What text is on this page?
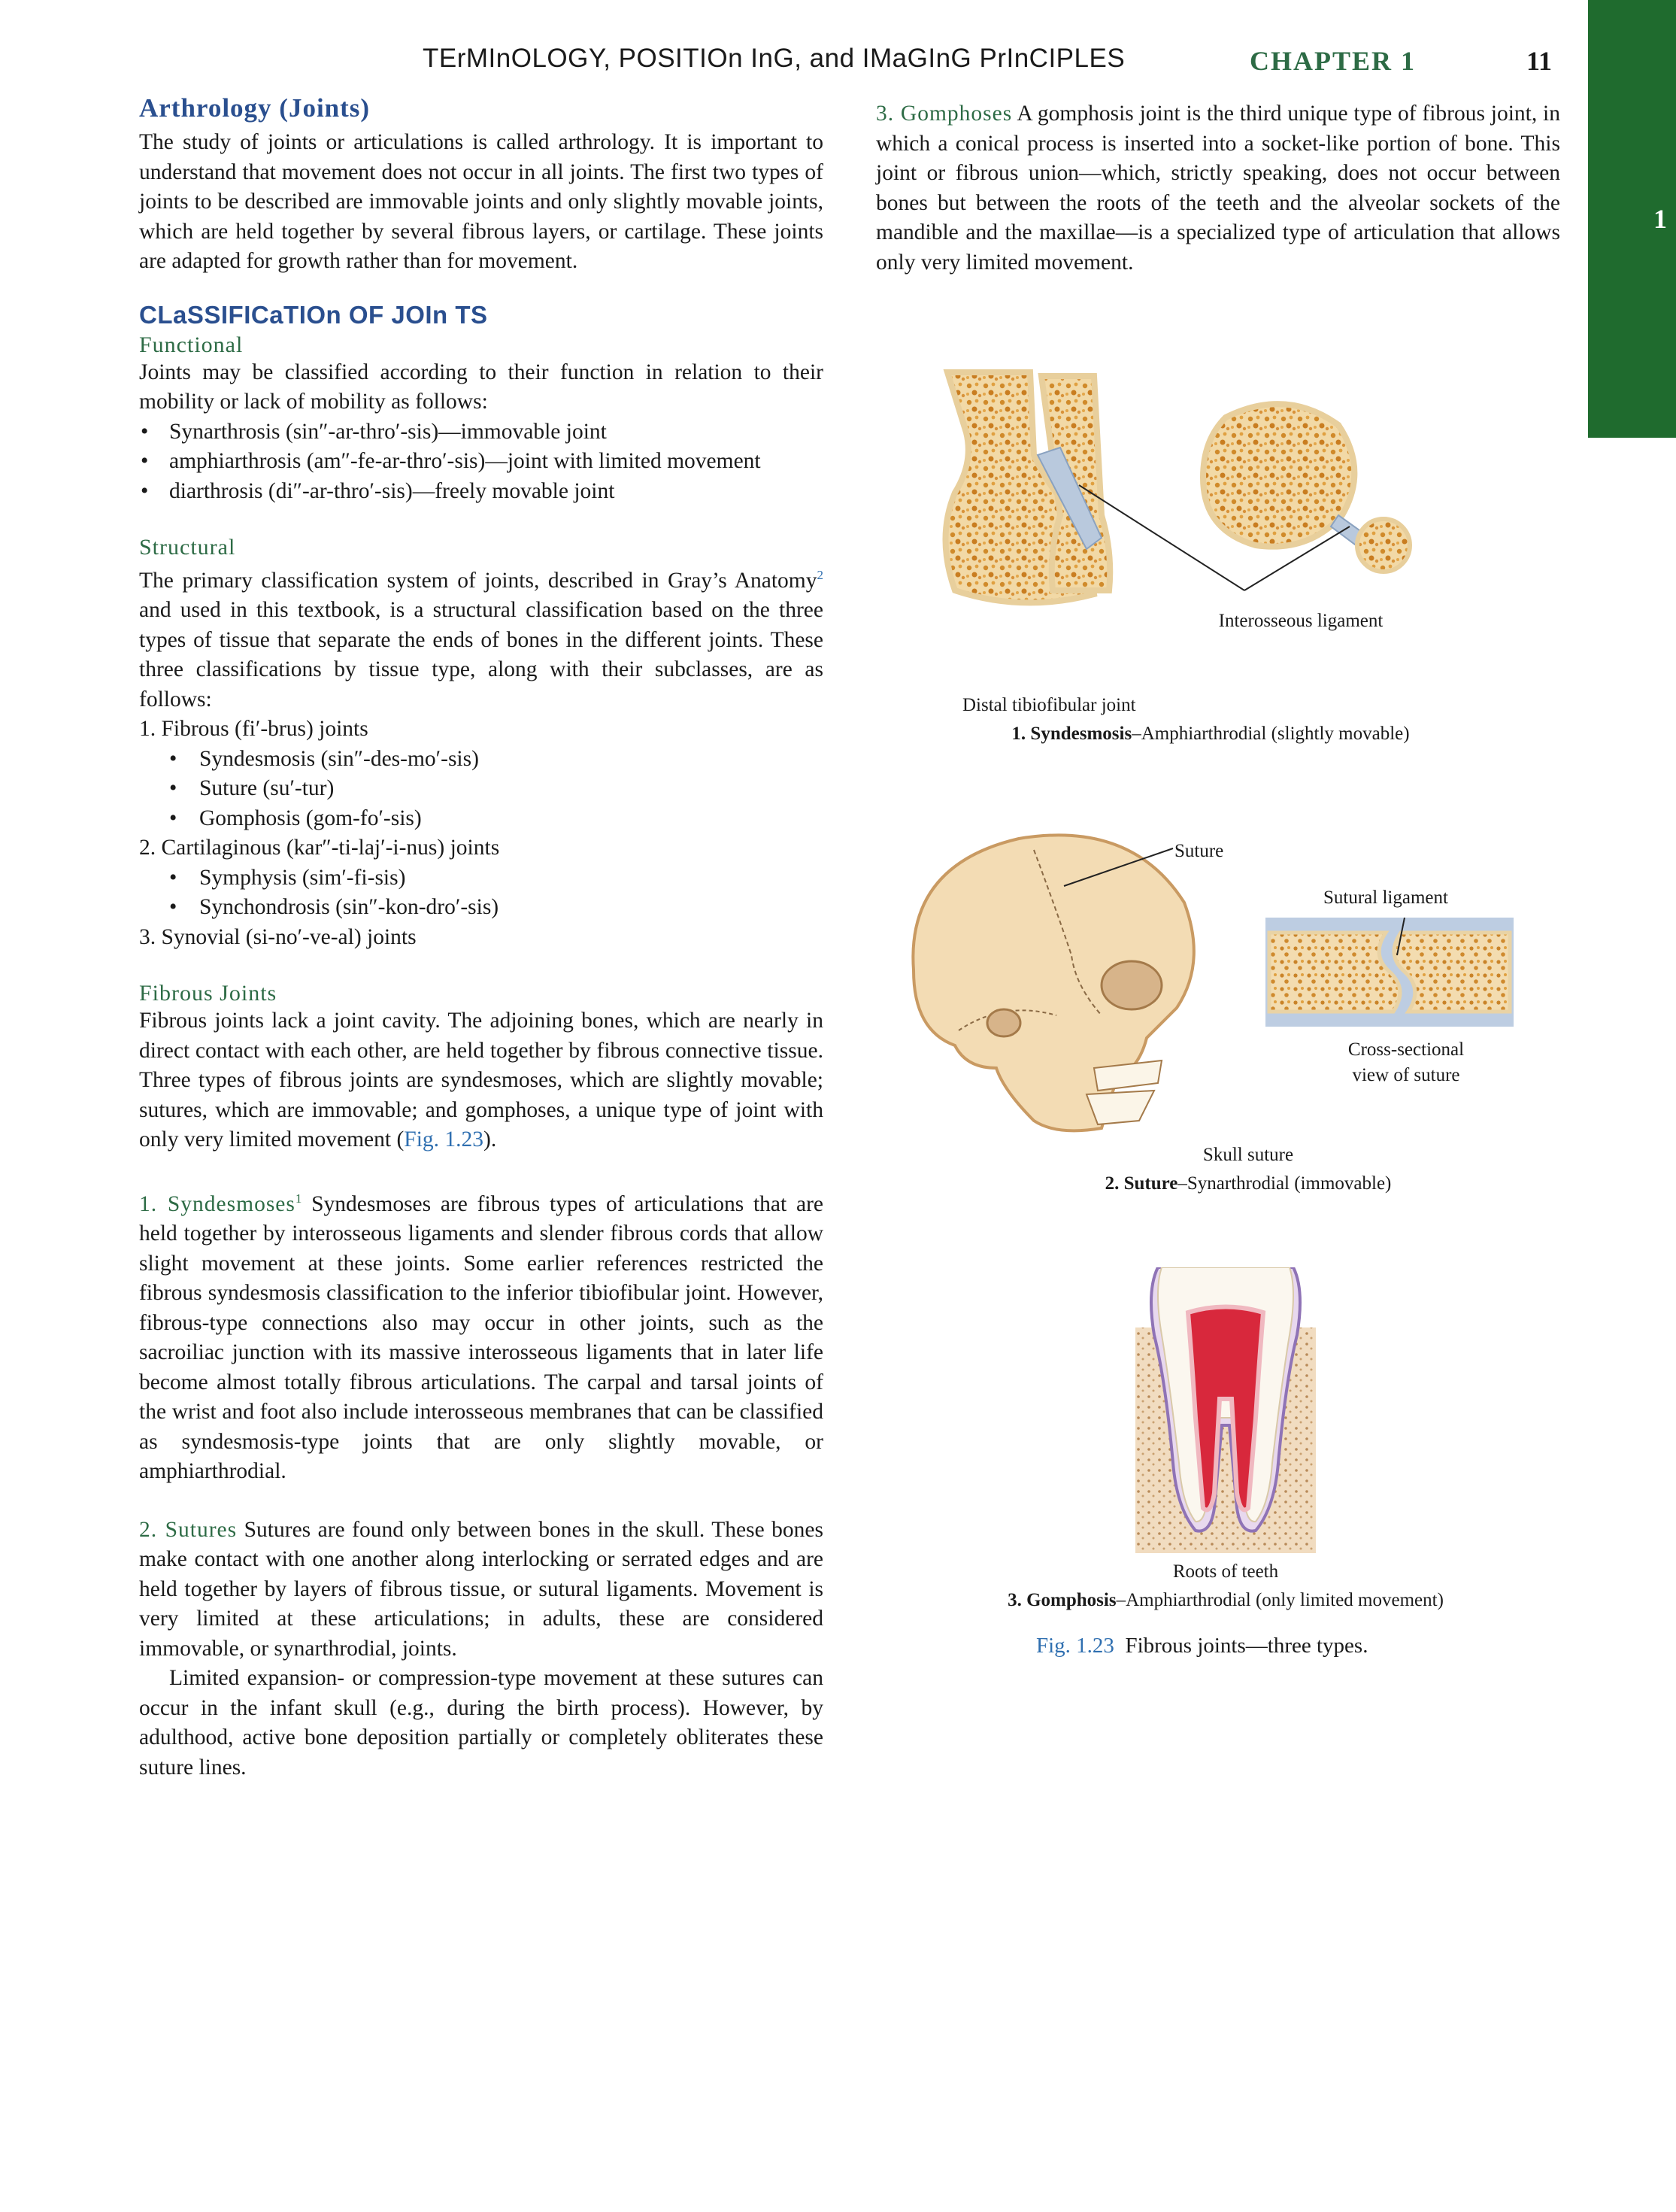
TErMInOLOGY, POSITIOn InG, and IMaGInG PrInCIPLES	CHAPTER 1	11
1
Arthrology (Joints)

The study of joints or articulations is called arthrology. It is important to understand that movement does not occur in all joints. The first two types of joints to be described are immovable joints and only slightly movable joints, which are held together by several fibrous layers, or cartilage. These joints are adapted for growth rather than for movement.

CLaSSIFICaTIOn OF JOIn TS
Functional

Joints may be classified according to their function in relation to their mobility or lack of mobility as follows:

• Synarthrosis (sin″-ar-thro′-sis)—immovable joint
• amphiarthrosis (am″-fe-ar-thro′-sis)—joint with limited movement
• diarthrosis (di″-ar-thro′-sis)—freely movable joint
Structural

The primary classification system of joints, described in Gray’s Anatomy$^2$ and used in this textbook, is a structural classification based on the three types of tissue that separate the ends of bones in the different joints. These three classifications by tissue type, along with their subclasses, are as follows:

1. Fibrous (fi′-brus) joints
• Syndesmosis (sin″-des-mo′-sis)
• Suture (su′-tur)
• Gomphosis (gom-fo′-sis)
2. Cartilaginous (kar″-ti-laj′-i-nus) joints
• Symphysis (sim′-fi-sis)
• Synchondrosis (sin″-kon-dro′-sis)
3. Synovial (si-no′-ve-al) joints
Fibrous Joints

Fibrous joints lack a joint cavity. The adjoining bones, which are nearly in direct contact with each other, are held together by fibrous connective tissue. Three types of fibrous joints are syndesmoses, which are slightly movable; sutures, which are immovable; and gomphoses, a unique type of joint with only very limited movement (Fig. 1.23).

1. Syndesmoses$^1$ Syndesmoses are fibrous types of articulations that are held together by interosseous ligaments and slender fibrous cords that allow slight movement at these joints. Some earlier references restricted the fibrous syndesmosis classification to the inferior tibiofibular joint. However, fibrous-type connections also may occur in other joints, such as the sacroiliac junction with its massive interosseous ligaments that in later life become almost totally fibrous articulations. The carpal and tarsal joints of the wrist and foot also include interosseous membranes that can be classified as syndesmosis-type joints that are only slightly movable, or amphiarthrodial.

2. Sutures Sutures are found only between bones in the skull. These bones make contact with one another along interlocking or serrated edges and are held together by layers of fibrous tissue, or sutural ligaments. Movement is very limited at these articulations; in adults, these are considered immovable, or synarthrodial, joints.

Limited expansion- or compression-type movement at these sutures can occur in the infant skull (e.g., during the birth process). However, by adulthood, active bone deposition partially or completely obliterates these suture lines.

3. Gomphoses A gomphosis joint is the third unique type of fibrous joint, in which a conical process is inserted into a socket-like portion of bone. This joint or fibrous union—which, strictly speaking, does not occur between bones but between the roots of the teeth and the alveolar sockets of the mandible and the maxillae—is a specialized type of articulation that allows only very limited movement.

Interosseous ligament
Distal tibiofibular joint
1. Syndesmosis–Amphiarthrodial (slightly movable)
Suture
Sutural ligament
Cross-sectional
view of suture
Skull suture
2. Suture–Synarthrodial (immovable)
Roots of teeth
3. Gomphosis–Amphiarthrodial (only limited movement)
Fig. 1.23 Fibrous joints—three types.
